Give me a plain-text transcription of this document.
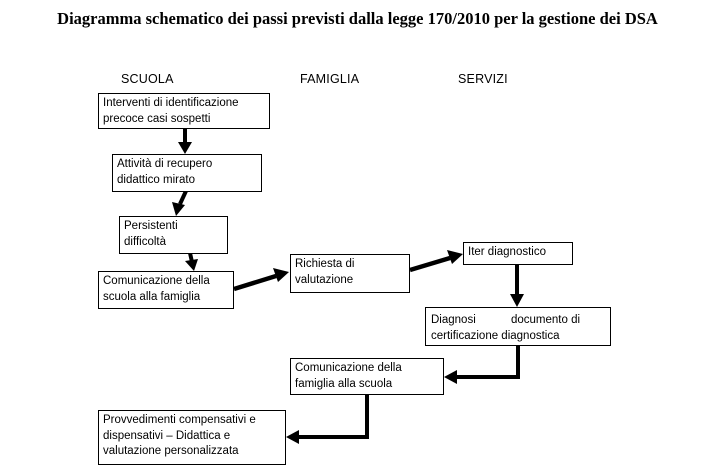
Diagramma schematico dei passi previsti dalla legge 170/2010 per la gestione dei DSA
SCUOLA	FAMIGLIA	SERVIZI
Interventi di identificazione
precoce casi sospetti
Attività di recupero
didattico mirato
Persistenti
difficoltà
Comunicazione della
scuola alla famiglia
Richiesta di
valutazione
Iter diagnostico
Diagnosi	documento di
certificazione diagnostica
Comunicazione della
famiglia alla scuola
Provvedimenti compensativi e
dispensativi – Didattica e
valutazione personalizzata
